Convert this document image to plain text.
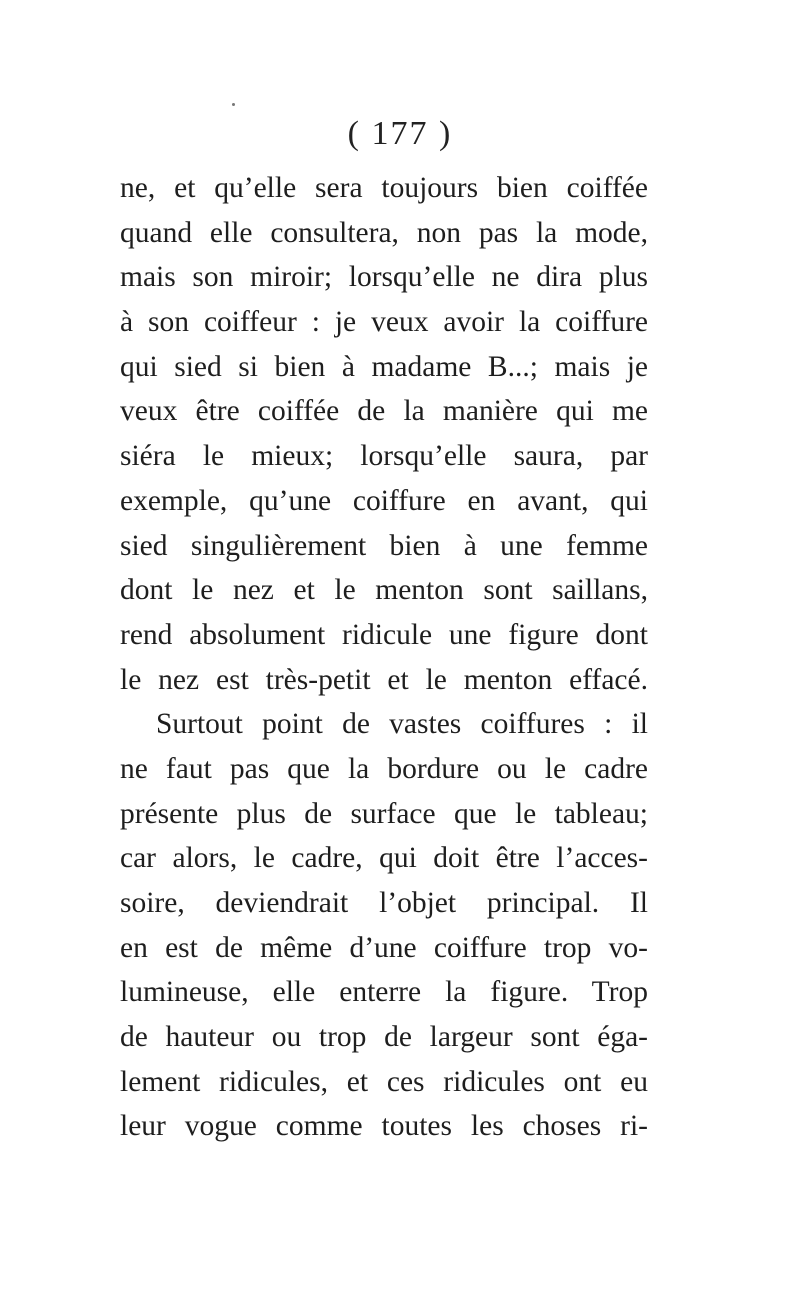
( 177 )
ne, et qu’elle sera toujours bien coiffée
quand elle consultera, non pas la mode,
mais son miroir; lorsqu’elle ne dira plus
à son coiffeur : je veux avoir la coiffure
qui sied si bien à madame B...; mais je
veux être coiffée de la manière qui me
siéra le mieux; lorsqu’elle saura, par
exemple, qu’une coiffure en avant, qui
sied singulièrement bien à une femme
dont le nez et le menton sont saillans,
rend absolument ridicule une figure dont
le nez est très-petit et le menton effacé.
Surtout point de vastes coiffures : il
ne faut pas que la bordure ou le cadre
présente plus de surface que le tableau;
car alors, le cadre, qui doit être l’acces-
soire, deviendrait l’objet principal. Il
en est de même d’une coiffure trop vo-
lumineuse, elle enterre la figure. Trop
de hauteur ou trop de largeur sont éga-
lement ridicules, et ces ridicules ont eu
leur vogue comme toutes les choses ri-
